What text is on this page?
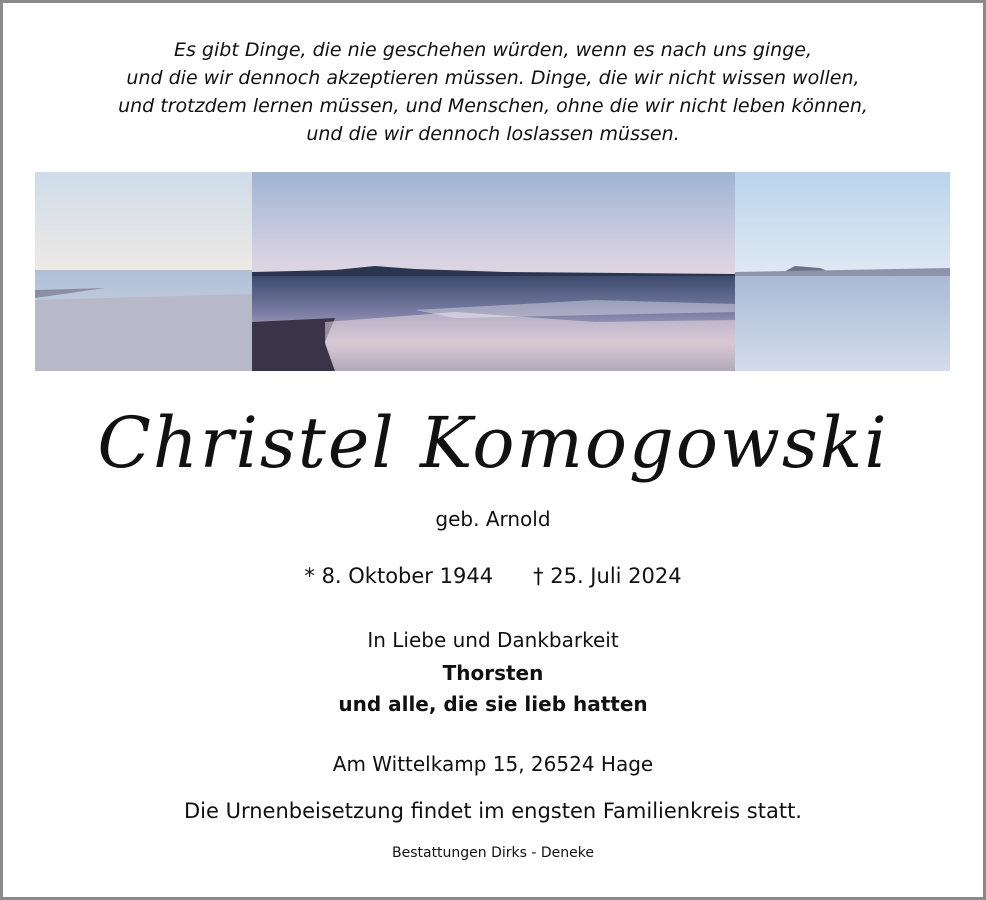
Es gibt Dinge, die nie geschehen würden, wenn es nach uns ginge,
und die wir dennoch akzeptieren müssen. Dinge, die wir nicht wissen wollen,
und trotzdem lernen müssen, und Menschen, ohne die wir nicht leben können,
und die wir dennoch loslassen müssen.
Christel Komogowski
geb. Arnold
* 8. Oktober 1944 † 25. Juli 2024
In Liebe und Dankbarkeit
Thorsten
und alle, die sie lieb hatten
Am Wittelkamp 15, 26524 Hage
Die Urnenbeisetzung findet im engsten Familienkreis statt.
Bestattungen Dirks - Deneke
